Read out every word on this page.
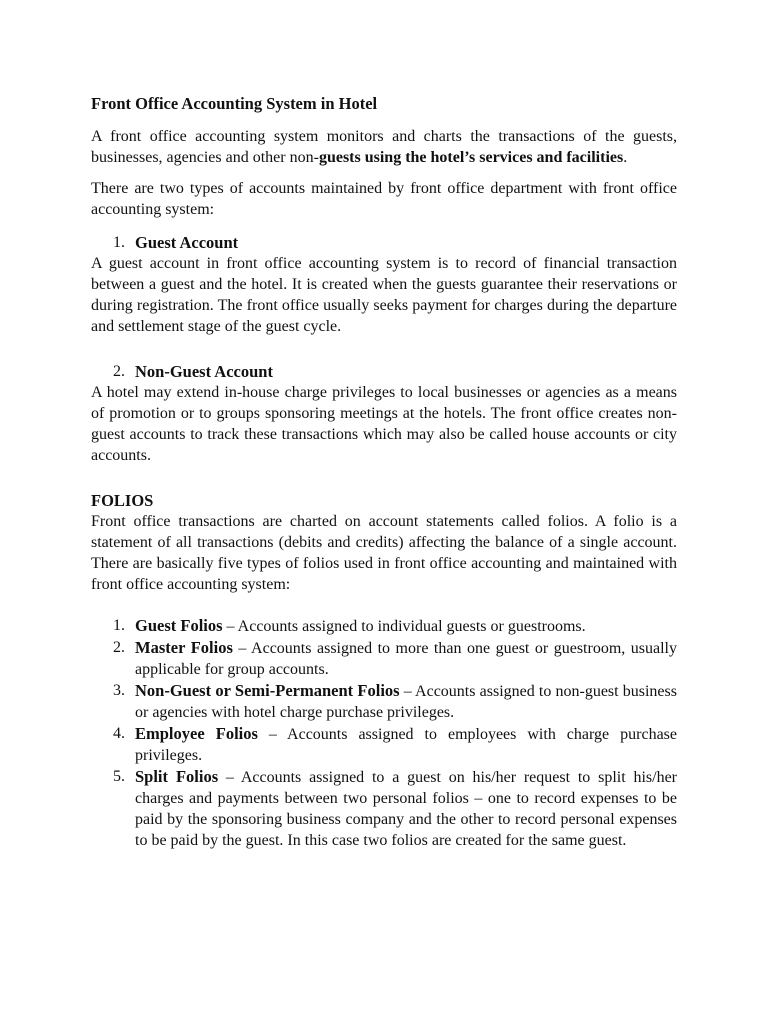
Front Office Accounting System in Hotel

A front office accounting system monitors and charts the transactions of the guests, businesses, agencies and other non-guests using the hotel’s services and facilities.

There are two types of accounts maintained by front office department with front office accounting system:

1. Guest Account

A guest account in front office accounting system is to record of financial transaction between a guest and the hotel. It is created when the guests guarantee their reservations or during registration. The front office usually seeks payment for charges during the departure and settlement stage of the guest cycle.

2. Non-Guest Account

A hotel may extend in-house charge privileges to local businesses or agencies as a means of promotion or to groups sponsoring meetings at the hotels. The front office creates non-guest accounts to track these transactions which may also be called house accounts or city accounts.

FOLIOS

Front office transactions are charted on account statements called folios. A folio is a statement of all transactions (debits and credits) affecting the balance of a single account. There are basically five types of folios used in front office accounting and maintained with front office accounting system:

1. Guest Folios – Accounts assigned to individual guests or guestrooms.
2. Master Folios – Accounts assigned to more than one guest or guestroom, usually applicable for group accounts.
3. Non-Guest or Semi-Permanent Folios – Accounts assigned to non-guest business or agencies with hotel charge purchase privileges.
4. Employee Folios – Accounts assigned to employees with charge purchase privileges.
5. Split Folios – Accounts assigned to a guest on his/her request to split his/her charges and payments between two personal folios – one to record expenses to be paid by the sponsoring business company and the other to record personal expenses to be paid by the guest. In this case two folios are created for the same guest.
